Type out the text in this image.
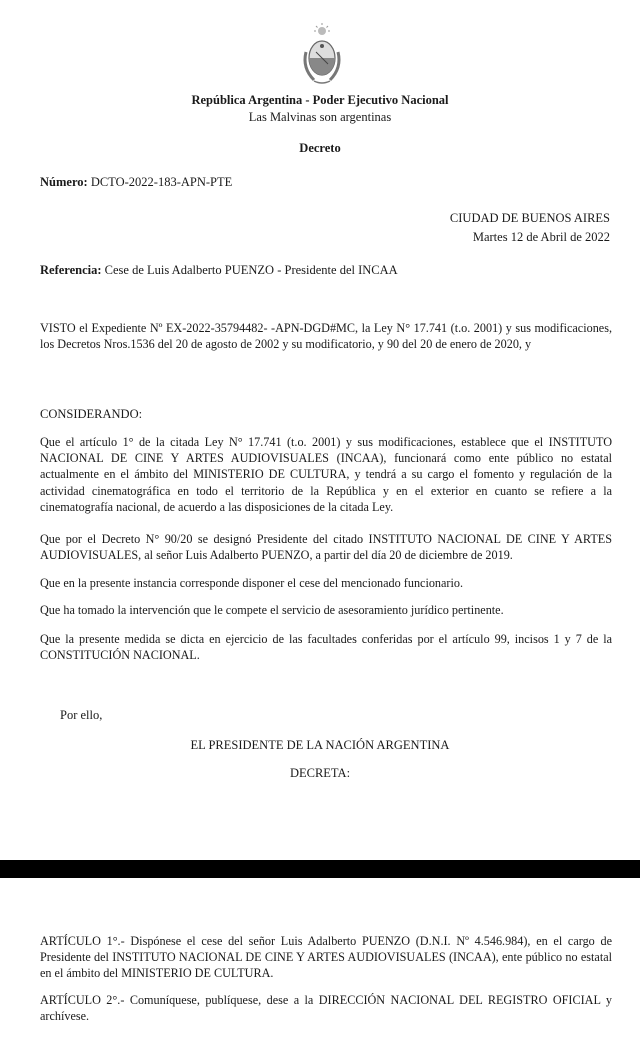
República Argentina - Poder Ejecutivo Nacional
Las Malvinas son argentinas
Decreto
Número: DCTO-2022-183-APN-PTE
CIUDAD DE BUENOS AIRES
Martes 12 de Abril de 2022
Referencia: Cese de Luis Adalberto PUENZO - Presidente del INCAA
VISTO el Expediente Nº EX-2022-35794482- -APN-DGD#MC, la Ley N° 17.741 (t.o. 2001) y sus modificaciones, los Decretos Nros.1536 del 20 de agosto de 2002 y su modificatorio, y 90 del 20 de enero de 2020, y
CONSIDERANDO:
Que el artículo 1° de la citada Ley N° 17.741 (t.o. 2001) y sus modificaciones, establece que el INSTITUTO NACIONAL DE CINE Y ARTES AUDIOVISUALES (INCAA), funcionará como ente público no estatal actualmente en el ámbito del MINISTERIO DE CULTURA, y tendrá a su cargo el fomento y regulación de la actividad cinematográfica en todo el territorio de la República y en el exterior en cuanto se refiere a la cinematografía nacional, de acuerdo a las disposiciones de la citada Ley.
Que por el Decreto N° 90/20 se designó Presidente del citado INSTITUTO NACIONAL DE CINE Y ARTES AUDIOVISUALES, al señor Luis Adalberto PUENZO, a partir del día 20 de diciembre de 2019.
Que en la presente instancia corresponde disponer el cese del mencionado funcionario.
Que ha tomado la intervención que le compete el servicio de asesoramiento jurídico pertinente.
Que la presente medida se dicta en ejercicio de las facultades conferidas por el artículo 99, incisos 1 y 7 de la CONSTITUCIÓN NACIONAL.
Por ello,
EL PRESIDENTE DE LA NACIÓN ARGENTINA
DECRETA:
ARTÍCULO 1°.- Dispónese el cese del señor Luis Adalberto PUENZO (D.N.I. Nº 4.546.984), en el cargo de Presidente del INSTITUTO NACIONAL DE CINE Y ARTES AUDIOVISUALES (INCAA), ente público no estatal en el ámbito del MINISTERIO DE CULTURA.
ARTÍCULO 2°.- Comuníquese, publíquese, dese a la DIRECCIÓN NACIONAL DEL REGISTRO OFICIAL y archívese.
